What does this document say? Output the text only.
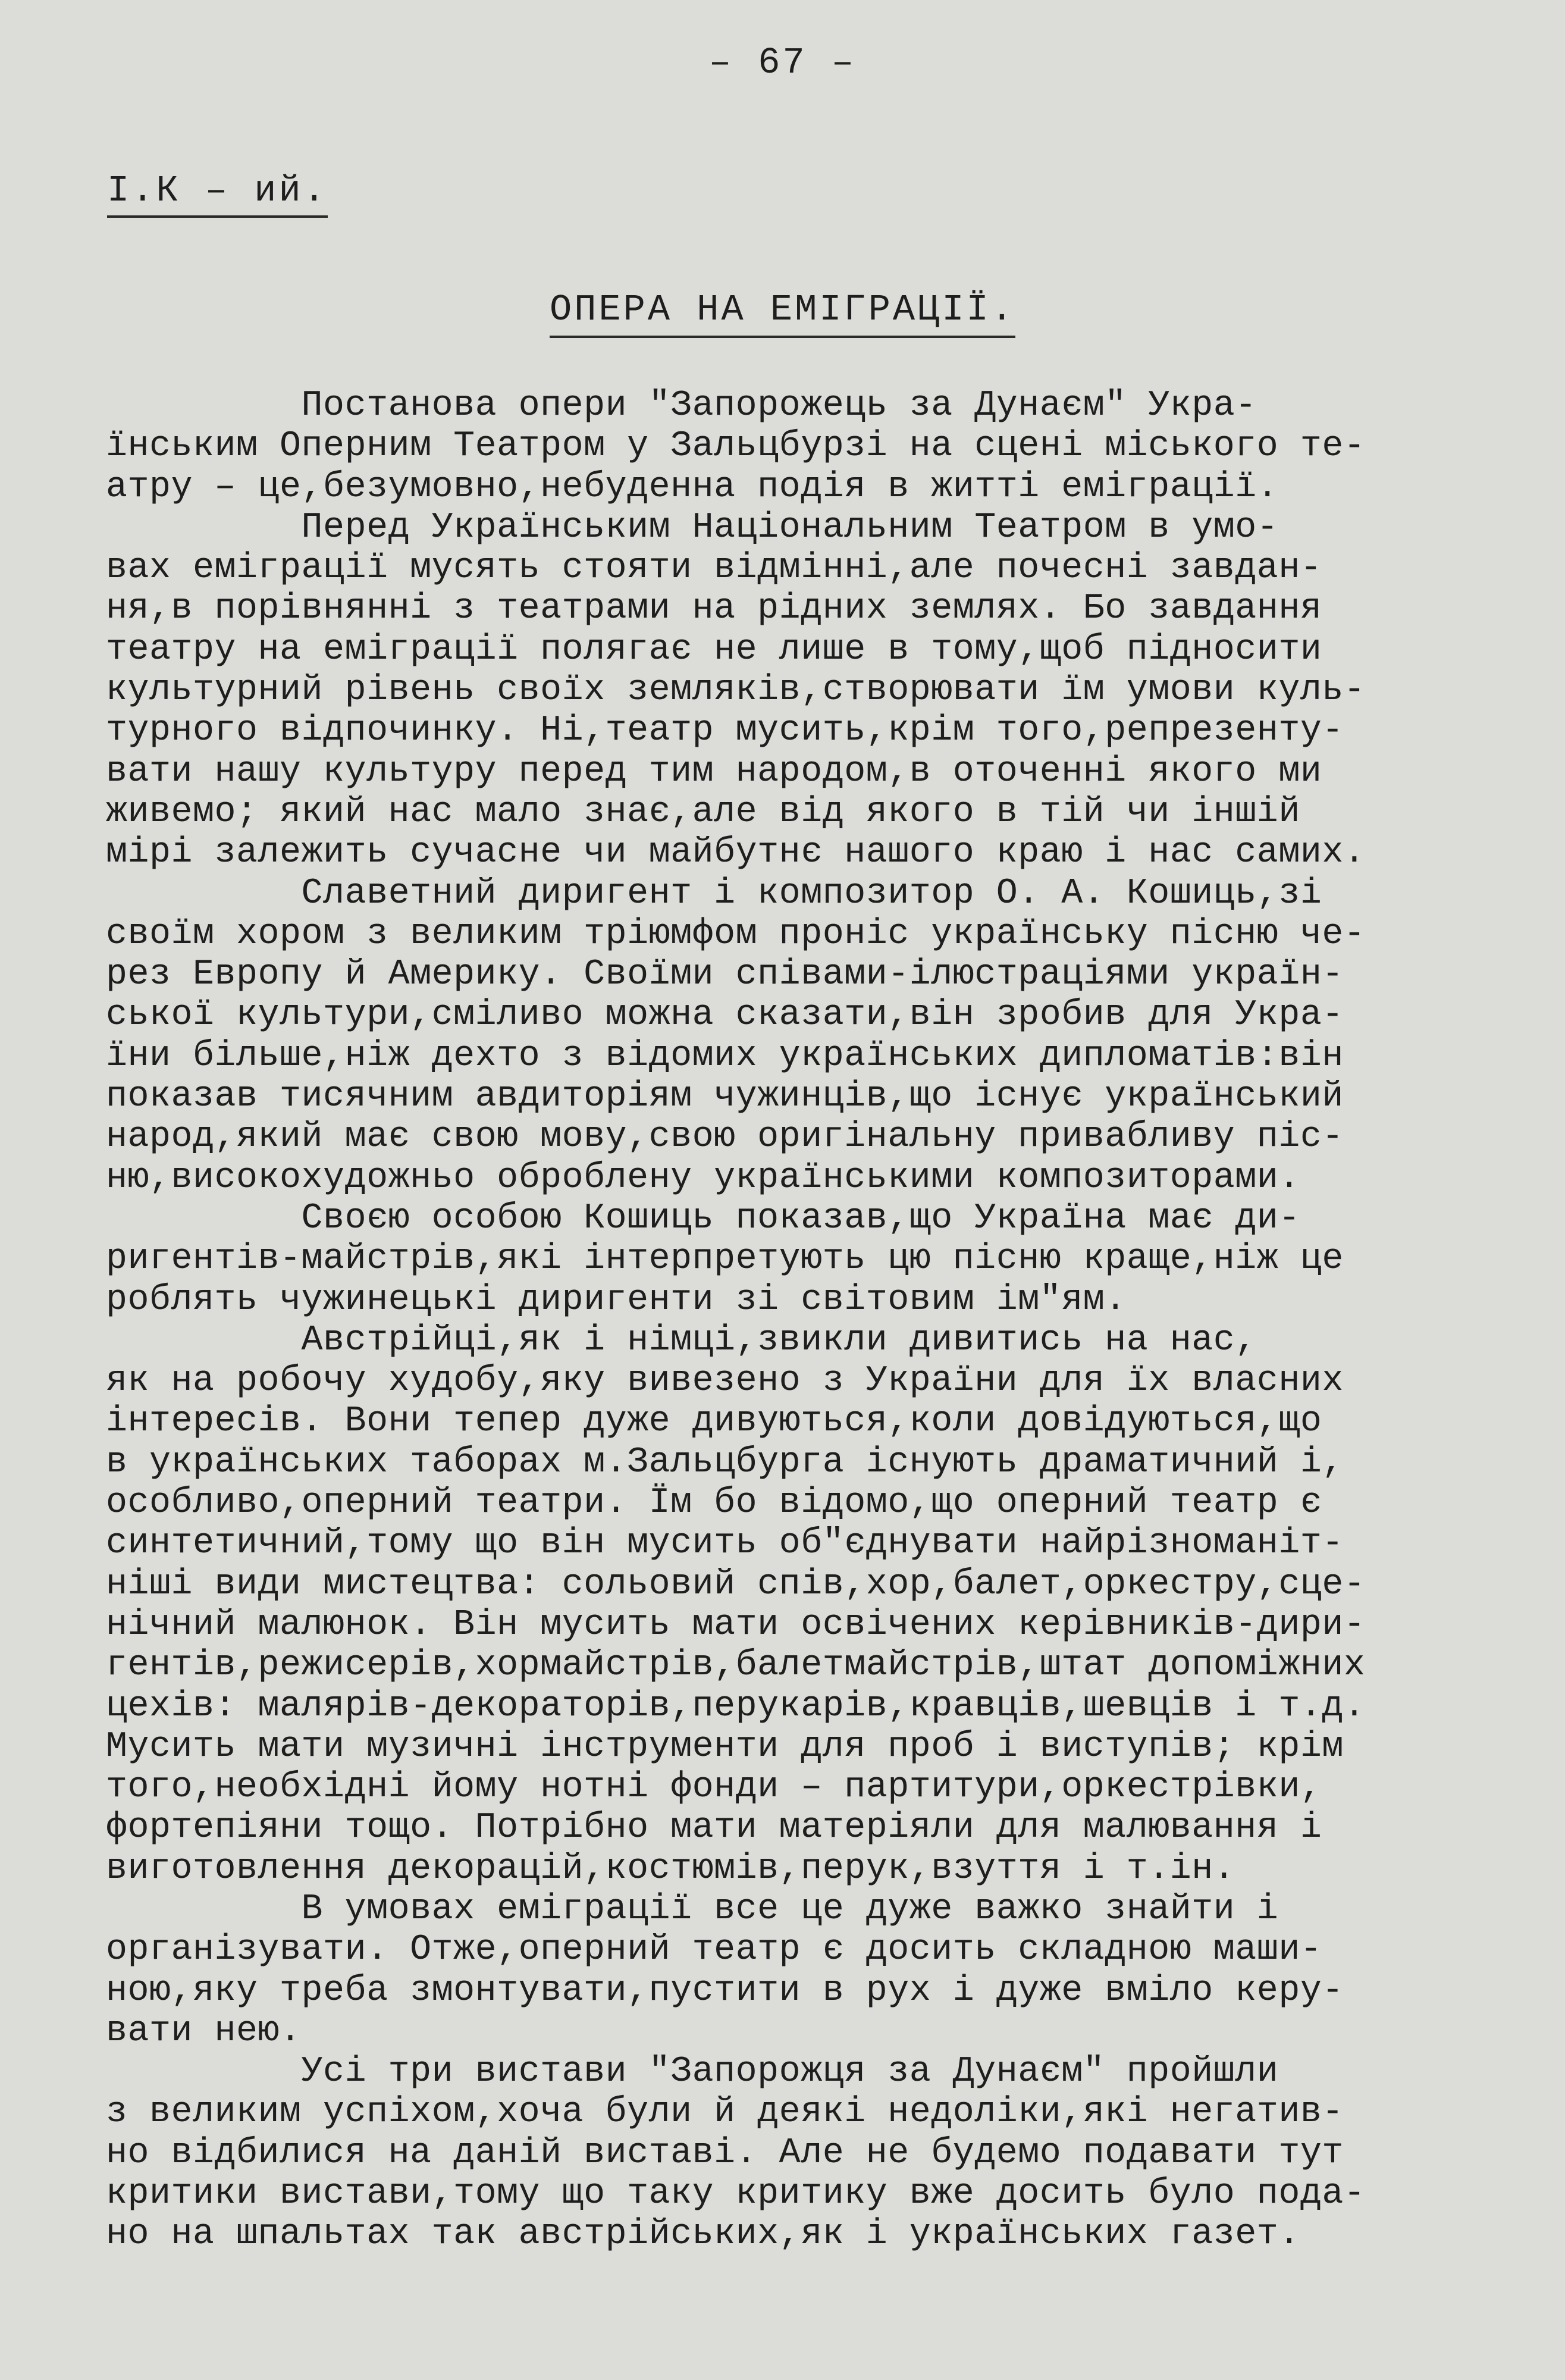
– 67 –
І.К – ий.
ОПЕРА НА ЕМІГРАЦІЇ.
Постанова опери "Запорожець за Дунаєм" Укра-
їнським Оперним Театром у Зальцбурзі на сцені міського те-
атру – це,безумовно,небуденна подія в житті еміграції.
Перед Українським Національним Театром в умо-
вах еміграції мусять стояти відмінні,але почесні завдан-
ня,в порівнянні з театрами на рідних землях. Бо завдання
театру на еміграції полягає не лише в тому,щоб підносити
культурний рівень своїх земляків,створювати їм умови куль-
турного відпочинку. Ні,театр мусить,крім того,репрезенту-
вати нашу культуру перед тим народом,в оточенні якого ми
живемо; який нас мало знає,але від якого в тій чи іншій
мірі залежить сучасне чи майбутнє нашого краю і нас самих.
Славетний диригент і композитор О. А. Кошиць,зі
своїм хором з великим тріюмфом проніс українську пісню че-
рез Европу й Америку. Своїми співами-ілюстраціями україн-
ської культури,сміливо можна сказати,він зробив для Укра-
їни більше,ніж дехто з відомих українських дипломатів:він
показав тисячним авдиторіям чужинців,що існує український
народ,який має свою мову,свою оригінальну привабливу піс-
ню,високохудожньо оброблену українськими композиторами.
Своєю особою Кошиць показав,що Україна має ди-
ригентів-майстрів,які інтерпретують цю пісню краще,ніж це
роблять чужинецькі диригенти зі світовим ім"ям.
Австрійці,як і німці,звикли дивитись на нас,
як на робочу худобу,яку вивезено з України для їх власних
інтересів. Вони тепер дуже дивуються,коли довідуються,що
в українських таборах м.Зальцбурга існують драматичний і,
особливо,оперний театри. Їм бо відомо,що оперний театр є
синтетичний,тому що він мусить об"єднувати найрізноманіт-
ніші види мистецтва: сольовий спів,хор,балет,оркестру,сце-
нічний малюнок. Він мусить мати освічених керівників-дири-
гентів,режисерів,хормайстрів,балетмайстрів,штат допоміжних
цехів: малярів-декораторів,перукарів,кравців,шевців і т.д.
Мусить мати музичні інструменти для проб і виступів; крім
того,необхідні йому нотні фонди – партитури,оркестрівки,
фортепіяни тощо. Потрібно мати матеріяли для малювання і
виготовлення декорацій,костюмів,перук,взуття і т.ін.
В умовах еміграції все це дуже важко знайти і
організувати. Отже,оперний театр є досить складною маши-
ною,яку треба змонтувати,пустити в рух і дуже вміло керу-
вати нею.
Усі три вистави "Запорожця за Дунаєм" пройшли
з великим успіхом,хоча були й деякі недоліки,які негатив-
но відбилися на даній виставі. Але не будемо подавати тут
критики вистави,тому що таку критику вже досить було пода-
но на шпальтах так австрійських,як і українських газет.
